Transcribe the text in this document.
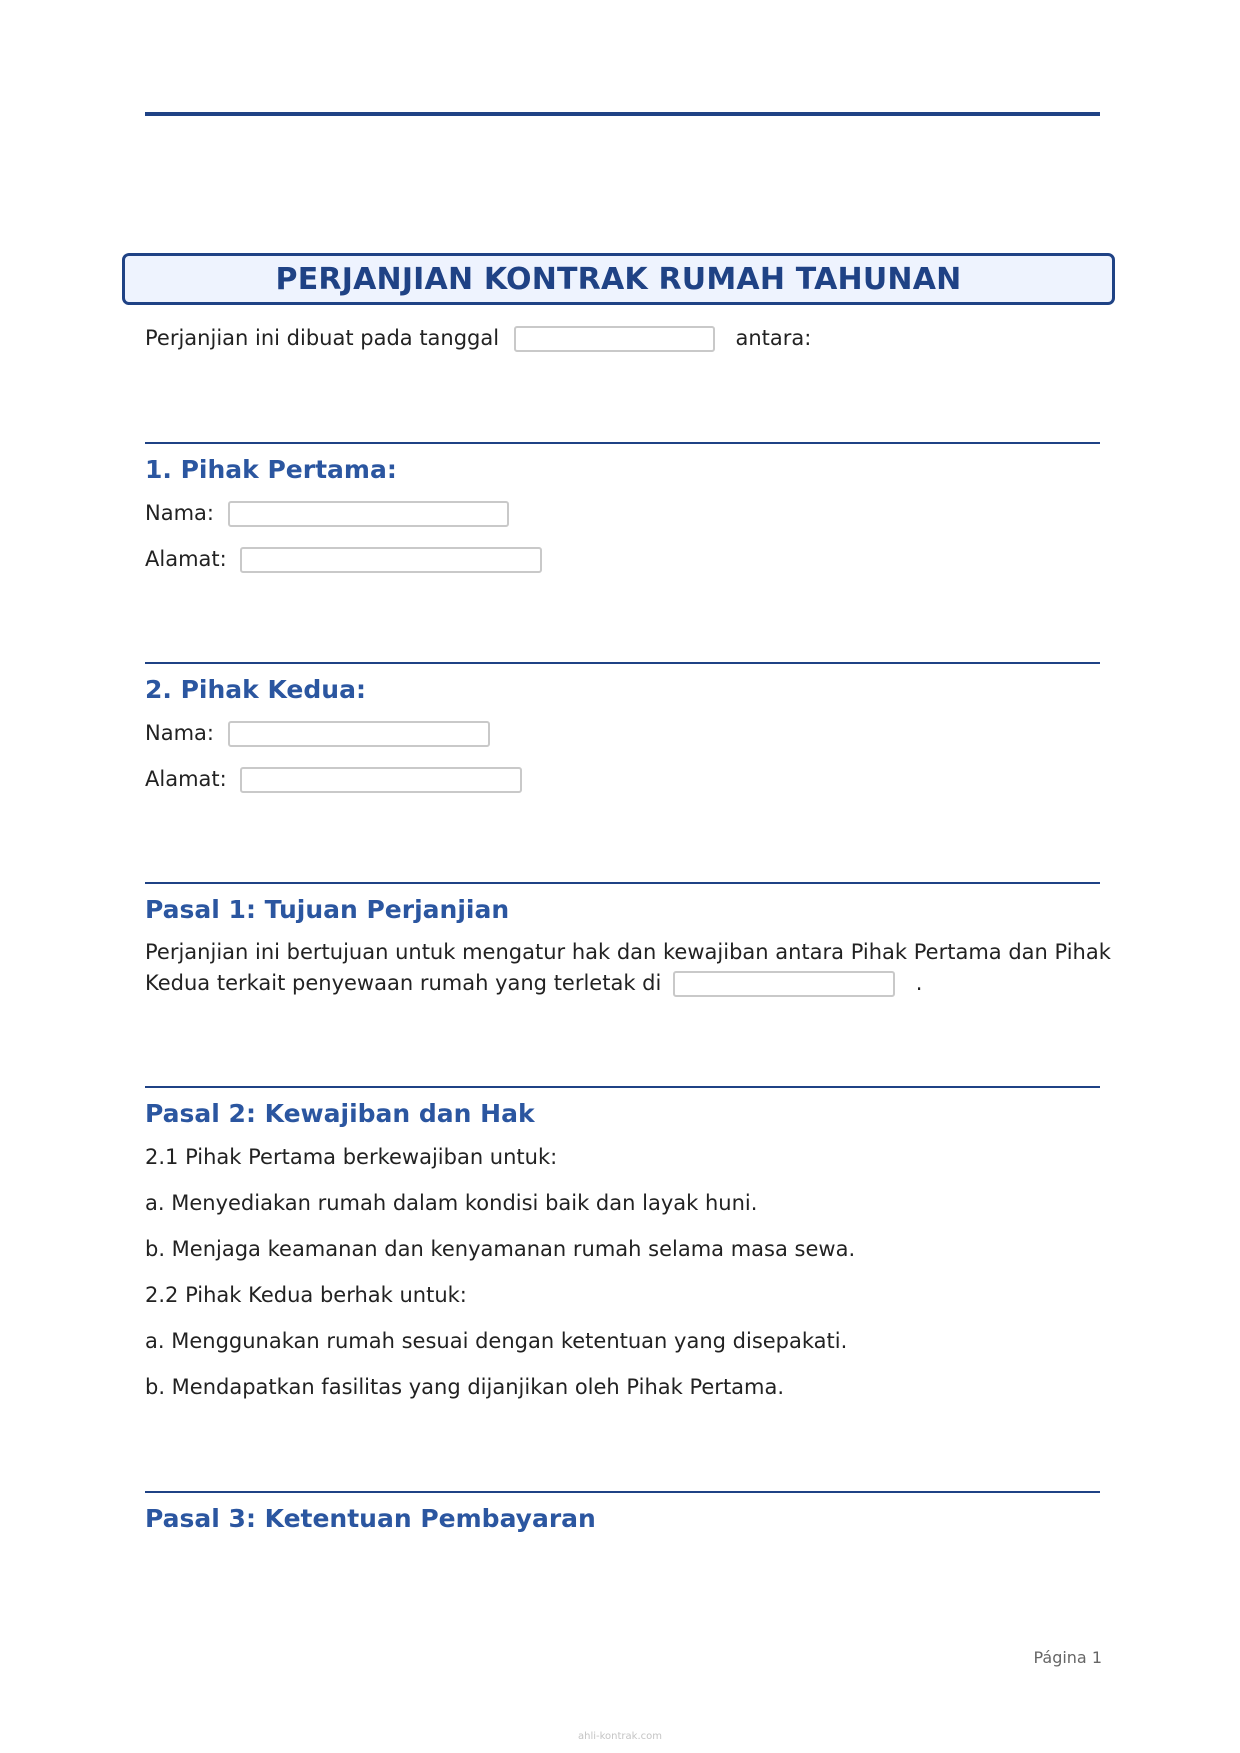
PERJANJIAN KONTRAK RUMAH TAHUNAN
Perjanjian ini dibuat pada tanggal	antara:
1. Pihak Pertama:
Nama:
Alamat:
2. Pihak Kedua:
Nama:
Alamat:
Pasal 1: Tujuan Perjanjian
Perjanjian ini bertujuan untuk mengatur hak dan kewajiban antara Pihak Pertama dan Pihak
Kedua terkait penyewaan rumah yang terletak di	.
Pasal 2: Kewajiban dan Hak
2.1 Pihak Pertama berkewajiban untuk:
a. Menyediakan rumah dalam kondisi baik dan layak huni.
b. Menjaga keamanan dan kenyamanan rumah selama masa sewa.
2.2 Pihak Kedua berhak untuk:
a. Menggunakan rumah sesuai dengan ketentuan yang disepakati.
b. Mendapatkan fasilitas yang dijanjikan oleh Pihak Pertama.
Pasal 3: Ketentuan Pembayaran
Página 1
ahli-kontrak.com
